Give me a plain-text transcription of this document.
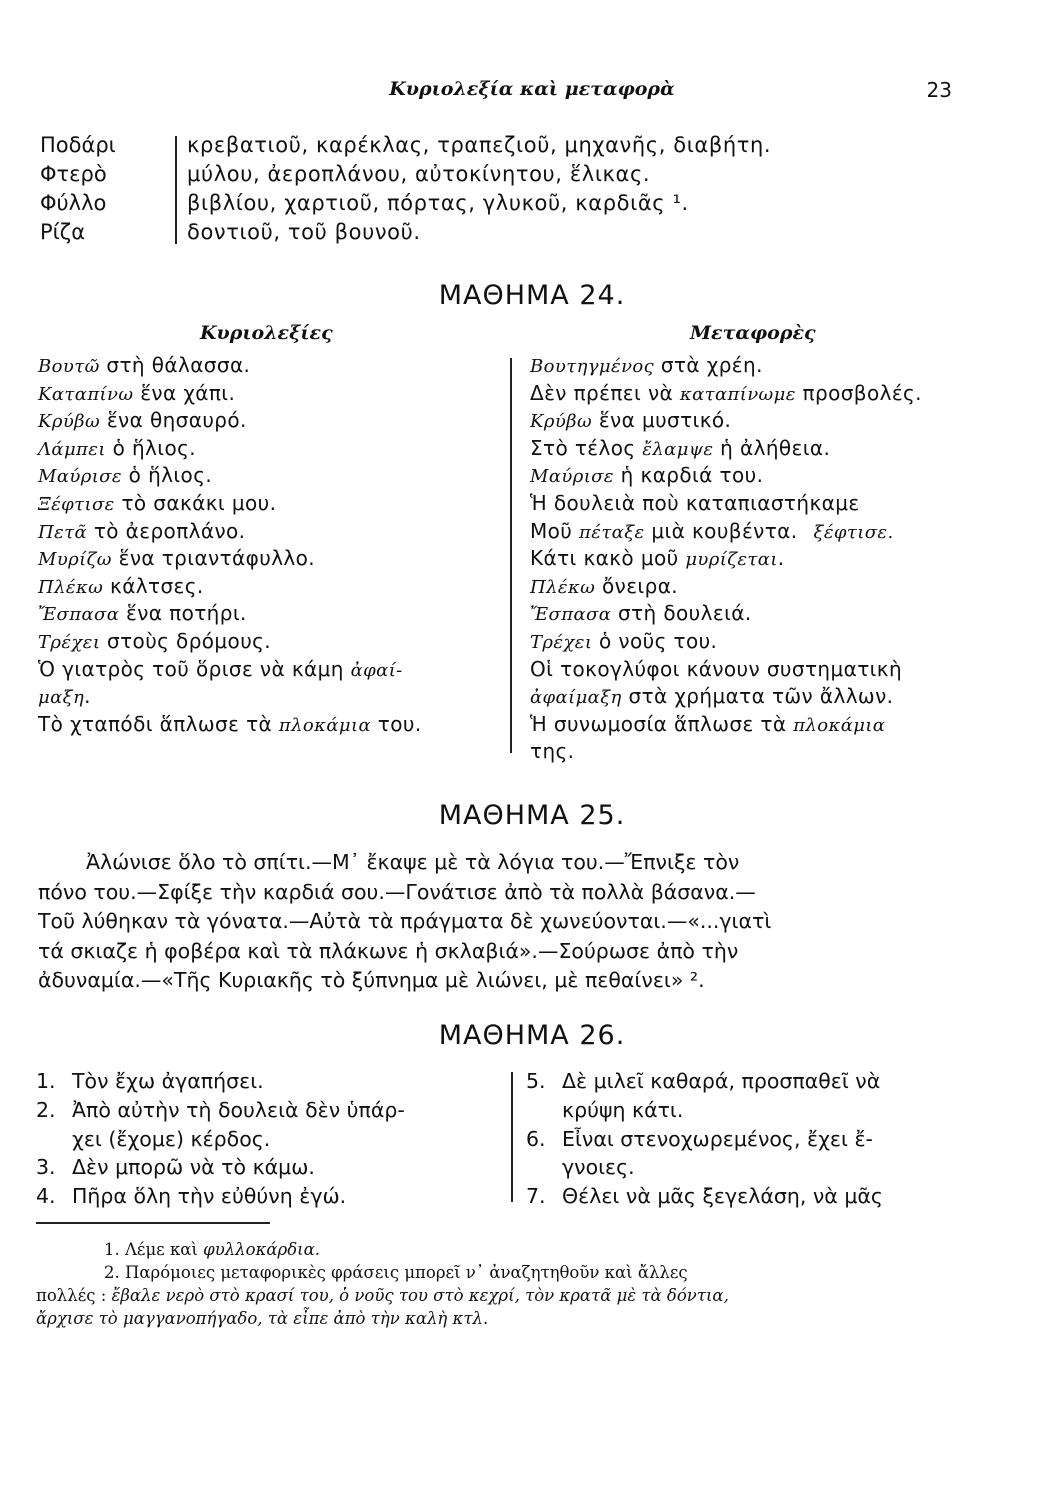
Κυριολεξία καὶ μεταφορὰ	23
Ποδάρι	κρεβατιοῦ, καρέκλας, τραπεζιοῦ, μηχανῆς, διαβήτη.
Φτερὸ	μύλου, ἀεροπλάνου, αὐτοκίνητου, ἕλικας.
Φύλλο	βιβλίου, χαρτιοῦ, πόρτας, γλυκοῦ, καρδιᾶς ¹.
Ρίζα	δοντιοῦ, τοῦ βουνοῦ.
ΜΑΘΗΜΑ 24.
Κυριολεξίες	Μεταφορὲς
Βουτῶ στὴ θάλασσα.
Καταπίνω ἕνα χάπι.
Κρύβω ἕνα θησαυρό.
Λάμπει ὁ ἥλιος.
Μαύρισε ὁ ἥλιος.
Ξέφτισε τὸ σακάκι μου.
Πετᾶ τὸ ἀεροπλάνο.
Μυρίζω ἕνα τριαντάφυλλο.
Πλέκω κάλτσες.
Ἔσπασα ἕνα ποτήρι.
Τρέχει στοὺς δρόμους.
Ὁ γιατρὸς τοῦ ὅρισε νὰ κάμη ἀφαί-
μαξη.
Τὸ χταπόδι ἅπλωσε τὰ πλοκάμια του.
Βουτηγμένος στὰ χρέη.
Δὲν πρέπει νὰ καταπίνωμε προσβολές.
Κρύβω ἕνα μυστικό.
Στὸ τέλος ἔλαμψε ἡ ἀλήθεια.
Μαύρισε ἡ καρδιά του.
Ἡ δουλειὰ ποὺ καταπιαστήκαμε
Μοῦ πέταξε μιὰ κουβέντα. ξέφτισε.
Κάτι κακὸ μοῦ μυρίζεται.
Πλέκω ὄνειρα.
Ἔσπασα στὴ δουλειά.
Τρέχει ὁ νοῦς του.
Οἱ τοκογλύφοι κάνουν συστηματικὴ
ἀφαίμαξη στὰ χρήματα τῶν ἄλλων.
Ἡ συνωμοσία ἅπλωσε τὰ πλοκάμια
της.
ΜΑΘΗΜΑ 25.
Ἀλώνισε ὅλο τὸ σπίτι.—Μ᾽ ἔκαψε μὲ τὰ λόγια του.—Ἔπνιξε τὸν
πόνο του.—Σφίξε τὴν καρδιά σου.—Γονάτισε ἀπὸ τὰ πολλὰ βάσανα.—
Τοῦ λύθηκαν τὰ γόνατα.—Αὐτὰ τὰ πράγματα δὲ χωνεύονται.—«...γιατὶ
τά σκιαζε ἡ φοβέρα καὶ τὰ πλάκωνε ἡ σκλαβιά».—Σούρωσε ἀπὸ τὴν
ἀδυναμία.—«Τῆς Κυριακῆς τὸ ξύπνημα μὲ λιώνει, μὲ πεθαίνει» ².
ΜΑΘΗΜΑ 26.
1. Τὸν ἔχω ἀγαπήσει.
2. Ἀπὸ αὐτὴν τὴ δουλειὰ δὲν ὑπάρ-
χει (ἔχομε) κέρδος.
3. Δὲν μπορῶ νὰ τὸ κάμω.
4. Πῆρα ὅλη τὴν εὐθύνη ἐγώ.
5. Δὲ μιλεῖ καθαρά, προσπαθεῖ νὰ
κρύψη κάτι.
6. Εἶναι στενοχωρεμένος, ἔχει ἔ-
γνοιες.
7. Θέλει νὰ μᾶς ξεγελάση, νὰ μᾶς
1. Λέμε καὶ φυλλοκάρδια.
2. Παρόμοιες μεταφορικὲς φράσεις μπορεῖ ν᾽ ἀναζητηθοῦν καὶ ἄλλες
πολλές : ἔβαλε νερὸ στὸ κρασί του, ὁ νοῦς του στὸ κεχρί, τὸν κρατᾶ μὲ τὰ δόντια,
ἄρχισε τὸ μαγγανοπήγαδο, τὰ εἶπε ἀπὸ τὴν καλὴ κτλ.
